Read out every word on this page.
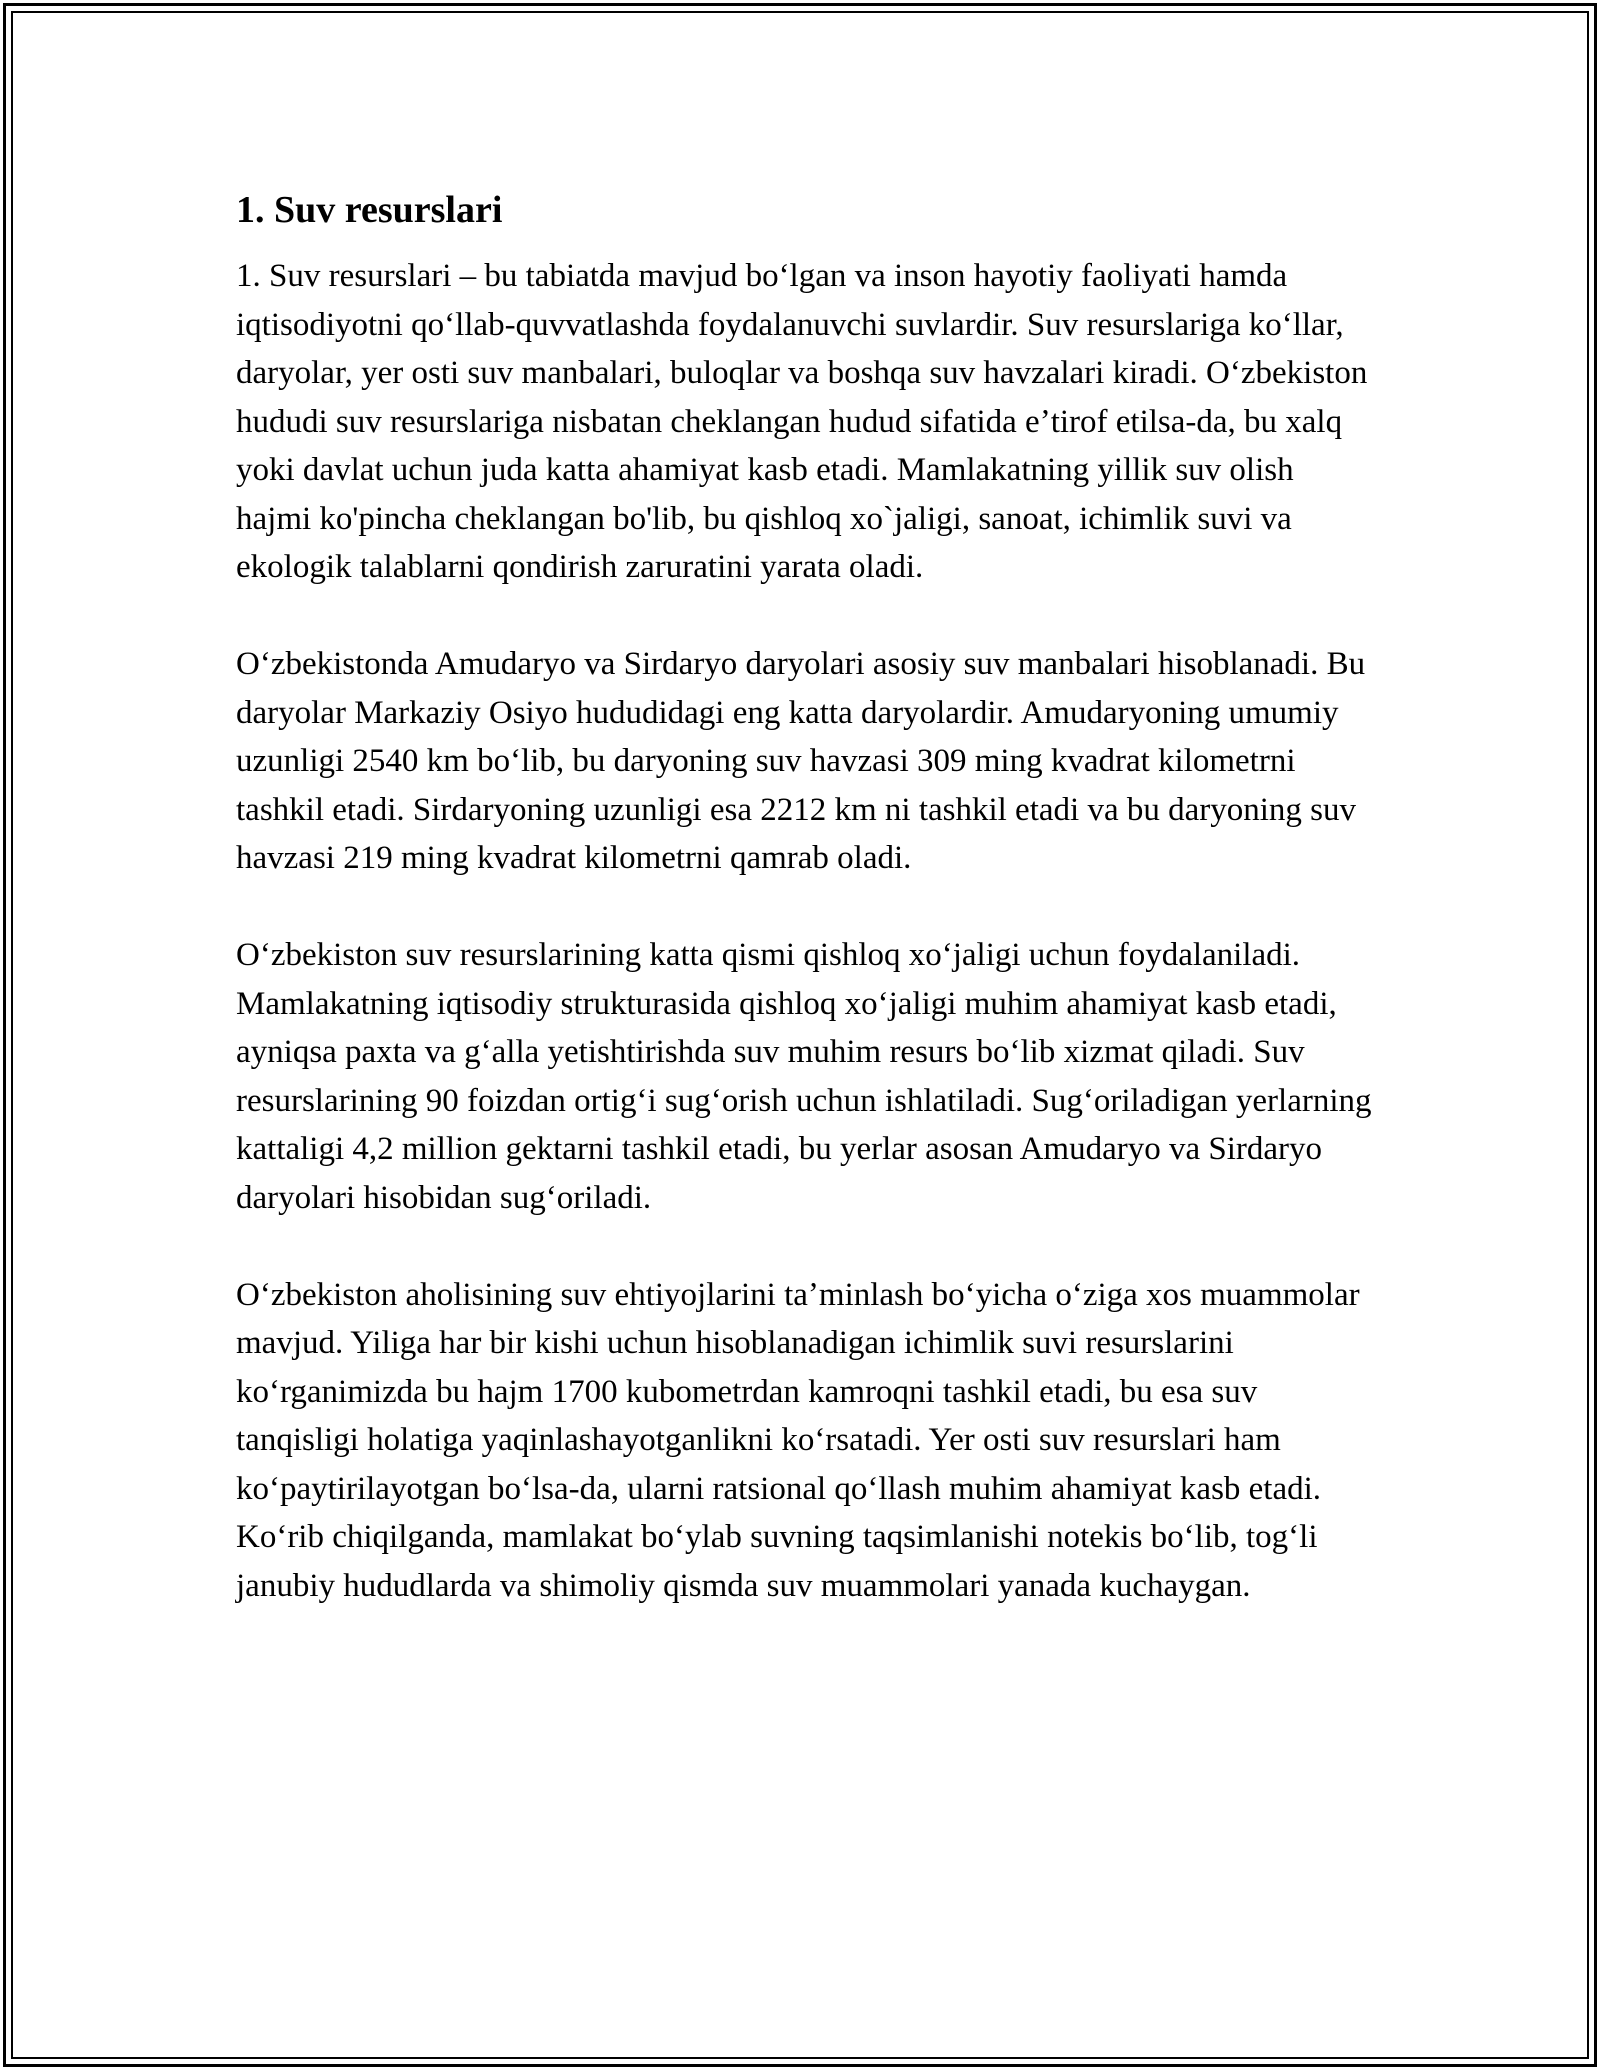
1. Suv resurslari

1. Suv resurslari – bu tabiatda mavjud boʻlgan va inson hayotiy faoliyati hamda iqtisodiyotni qoʻllab-quvvatlashda foydalanuvchi suvlardir. Suv resurslariga koʻllar, daryolar, yer osti suv manbalari, buloqlar va boshqa suv havzalari kiradi. Oʻzbekiston hududi suv resurslariga nisbatan cheklangan hudud sifatida eʼtirof etilsa-da, bu xalq yoki davlat uchun juda katta ahamiyat kasb etadi. Mamlakatning yillik suv olish hajmi ko'pincha cheklangan bo'lib, bu qishloq xo`jaligi, sanoat, ichimlik suvi va ekologik talablarni qondirish zaruratini yarata oladi.

Oʻzbekistonda Amudaryo va Sirdaryo daryolari asosiy suv manbalari hisoblanadi. Bu daryolar Markaziy Osiyo hududidagi eng katta daryolardir. Amudaryoning umumiy uzunligi 2540 km boʻlib, bu daryoning suv havzasi 309 ming kvadrat kilometrni tashkil etadi. Sirdaryoning uzunligi esa 2212 km ni tashkil etadi va bu daryoning suv havzasi 219 ming kvadrat kilometrni qamrab oladi.

Oʻzbekiston suv resurslarining katta qismi qishloq xoʻjaligi uchun foydalaniladi. Mamlakatning iqtisodiy strukturasida qishloq xoʻjaligi muhim ahamiyat kasb etadi, ayniqsa paxta va gʻalla yetishtirishda suv muhim resurs boʻlib xizmat qiladi. Suv resurslarining 90 foizdan ortigʻi sugʻorish uchun ishlatiladi. Sugʻoriladigan yerlarning kattaligi 4,2 million gektarni tashkil etadi, bu yerlar asosan Amudaryo va Sirdaryo daryolari hisobidan sugʻoriladi.

Oʻzbekiston aholisining suv ehtiyojlarini taʼminlash boʻyicha oʻziga xos muammolar mavjud. Yiliga har bir kishi uchun hisoblanadigan ichimlik suvi resurslarini koʻrganimizda bu hajm 1700 kubometrdan kamroqni tashkil etadi, bu esa suv tanqisligi holatiga yaqinlashayotganlikni koʻrsatadi. Yer osti suv resurslari ham koʻpaytirilayotgan boʻlsa-da, ularni ratsional qoʻllash muhim ahamiyat kasb etadi. Koʻrib chiqilganda, mamlakat boʻylab suvning taqsimlanishi notekis boʻlib, togʻli janubiy hududlarda va shimoliy qismda suv muammolari yanada kuchaygan.
